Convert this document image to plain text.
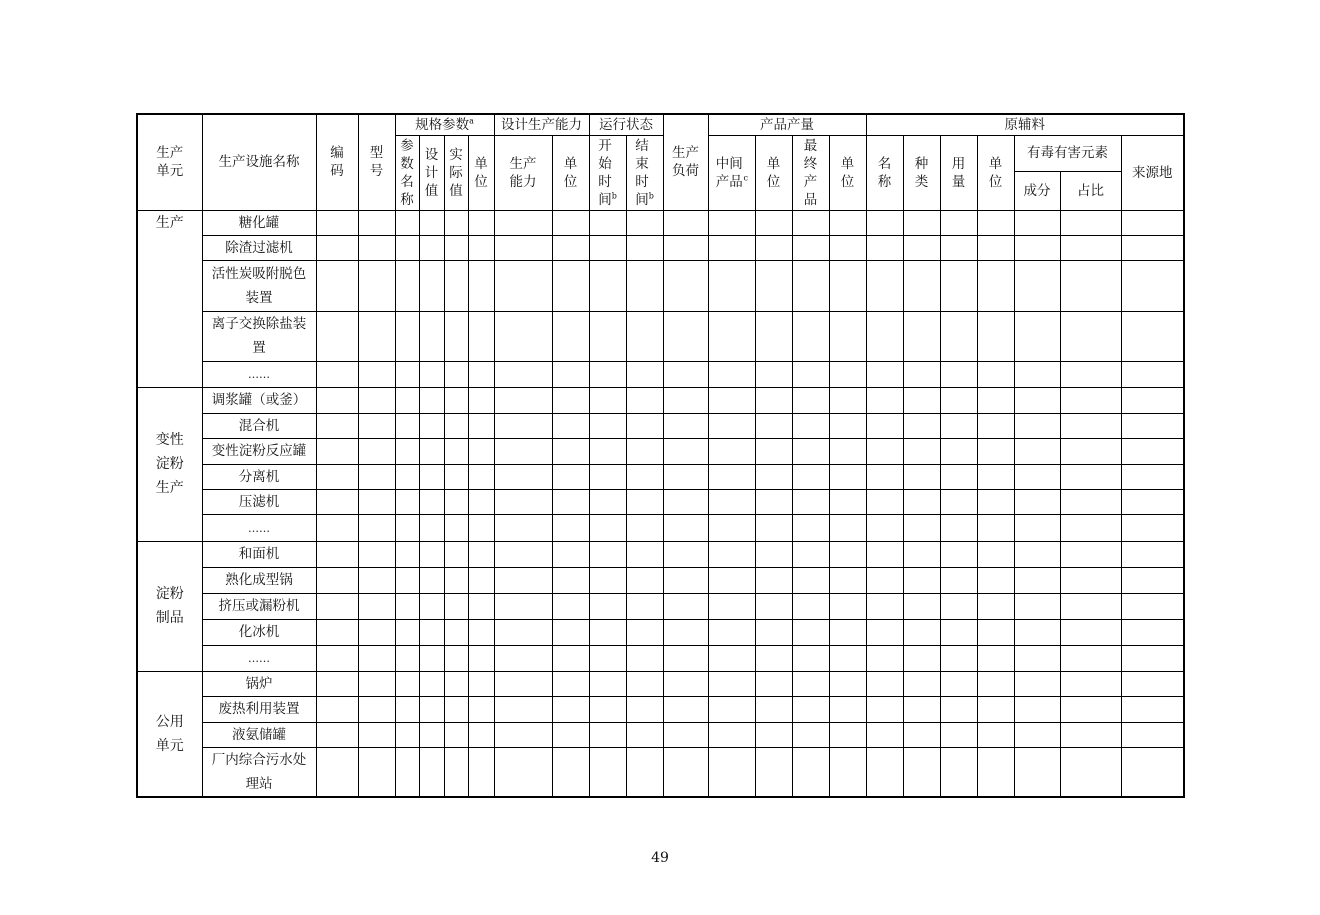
生产单元	生产设施名称	编码	型号	规格参数$^a$				设计生产能力		运行状态		生产负荷	产品产量				原辅料						
				参数名称	设计值	实际值	单位	生产能力	单位	开始时间$^b$	结束时间$^b$		中间产品$^c$	单位	最终产品	单位	名称	种类	用量	单位	有毒有害元素		来源地
																					成分	占比	
生产	糖化罐																						
	除渣过滤机																						
	活性炭吸附脱色装置																						
	离子交换除盐装置																						
	……																						
变性淀粉生产	调浆罐（或釜）																						
	混合机																						
	变性淀粉反应罐																						
	分离机																						
	压滤机																						
	……																						
淀粉制品	和面机																						
	熟化成型锅																						
	挤压或漏粉机																						
	化冰机																						
	……																						
公用单元	锅炉																						
	废热利用装置																						
	液氨储罐																						
	厂内综合污水处理站																						
49
